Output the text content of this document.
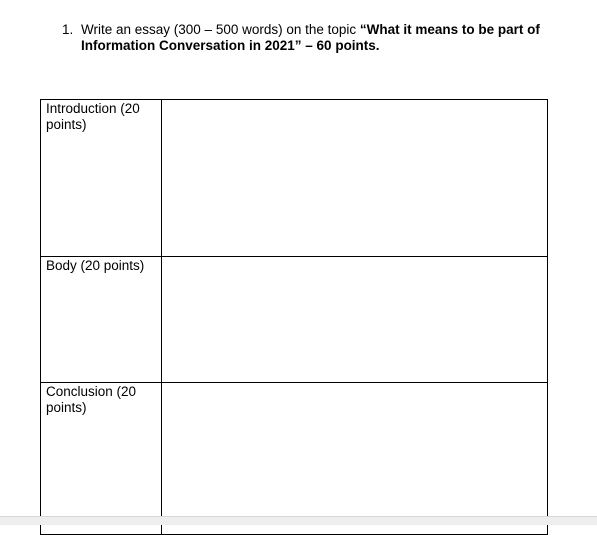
1. Write an essay (300 – 500 words) on the topic “What it means to be part of Information Conversation in 2021” – 60 points.
Introduction (20 points)	
Body (20 points)	
Conclusion (20 points)	
